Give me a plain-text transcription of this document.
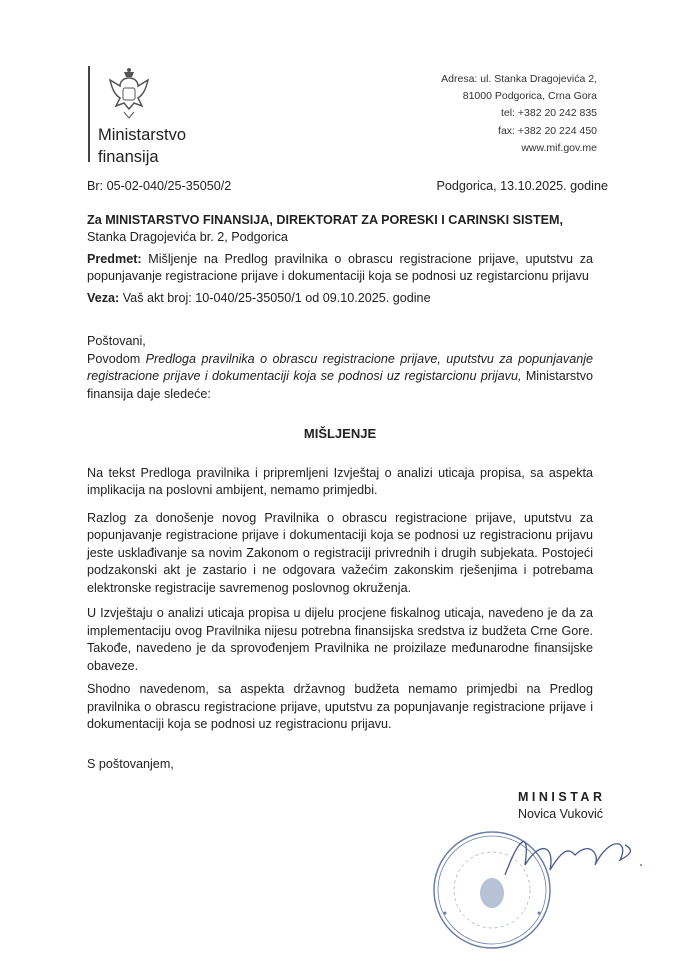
Ministarstvo
finansija
Adresa: ul. Stanka Dragojevića 2,
81000 Podgorica, Crna Gora
tel: +382 20 242 835
fax: +382 20 224 450
www.mif.gov.me
Br: 05-02-040/25-35050/2	Podgorica, 13.10.2025. godine
Za MINISTARSTVO FINANSIJA, DIREKTORAT ZA PORESKI I CARINSKI SISTEM,
Stanka Dragojevića br. 2, Podgorica
Predmet: Mišljenje na Predlog pravilnika o obrascu registracione prijave, uputstvu za popunjavanje registracione prijave i dokumentaciji koja se podnosi uz registarcionu prijavu
Veza: Vaš akt broj: 10-040/25-35050/1 od 09.10.2025. godine
Poštovani,
Povodom Predloga pravilnika o obrascu registracione prijave, uputstvu za popunjavanje registracione prijave i dokumentaciji koja se podnosi uz registarcionu prijavu, Ministarstvo finansija daje sledeće:
MIŠLJENJE
Na tekst Predloga pravilnika i pripremljeni Izvještaj o analizi uticaja propisa, sa aspekta implikacija na poslovni ambijent, nemamo primjedbi.
Razlog za donošenje novog Pravilnika o obrascu registracione prijave, uputstvu za popunjavanje registracione prijave i dokumentaciji koja se podnosi uz registracionu prijavu jeste usklađivanje sa novim Zakonom o registraciji privrednih i drugih subjekata. Postojeći podzakonski akt je zastario i ne odgovara važećim zakonskim rješenjima i potrebama elektronske registracije savremenog poslovnog okruženja.
U Izvještaju o analizi uticaja propisa u dijelu procjene fiskalnog uticaja, navedeno je da za implementaciju ovog Pravilnika nijesu potrebna finansijska sredstva iz budžeta Crne Gore. Takođe, navedeno je da sprovođenjem Pravilnika ne proizilaze međunarodne finansijske obaveze.
Shodno navedenom, sa aspekta državnog budžeta nemamo primjedbi na Predlog pravilnika o obrascu registracione prijave, uputstvu za popunjavanje registracione prijave i dokumentaciji koja se podnosi uz registracionu prijavu.
S poštovanjem,
MINISTAR
Novica Vuković
